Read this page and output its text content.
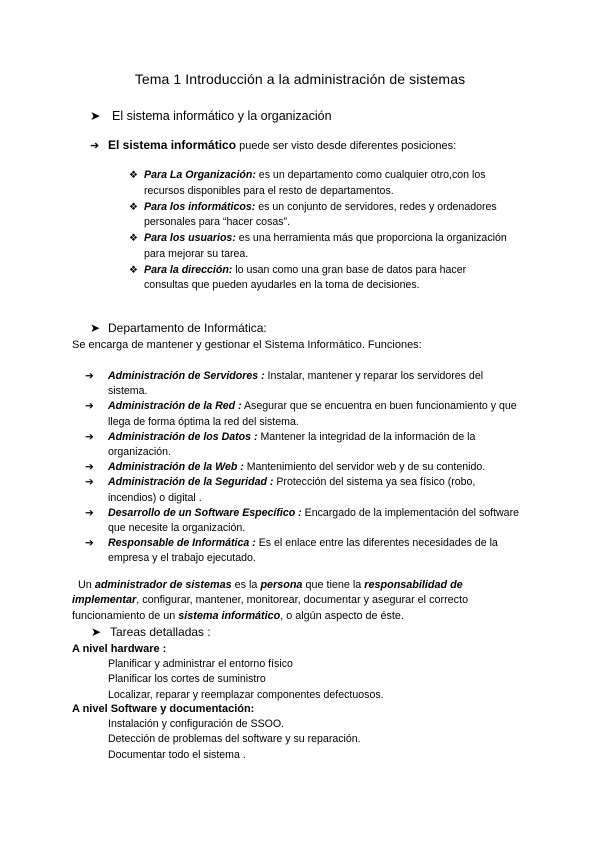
Tema 1 Introducción a la administración de sistemas
➤ El sistema informático y la organización
➔ El sistema informático puede ser visto desde diferentes posiciones:
❖ Para La Organización: es un departamento como cualquier otro,con los recursos disponibles para el resto de departamentos.
❖ Para los informáticos: es un conjunto de servidores, redes y ordenadores personales para “hacer cosas”.
❖ Para los usuarios: es una herramienta más que proporciona la organización para mejorar su tarea.
❖ Para la dirección: lo usan como una gran base de datos para hacer consultas que pueden ayudarles en la toma de decisiones.
➤ Departamento de Informática:
Se encarga de mantener y gestionar el Sistema Informático. Funciones:
➔ Administración de Servidores : Instalar, mantener y reparar los servidores del sistema.
➔ Administración de la Red : Asegurar que se encuentra en buen funcionamiento y que llega de forma óptima la red del sistema.
➔ Administración de los Datos : Mantener la integridad de la información de la organización.
➔ Administración de la Web : Mantenimiento del servidor web y de su contenido.
➔ Administración de la Seguridad : Protección del sistema ya sea físico (robo, incendios) o digital .
➔ Desarrollo de un Software Específico : Encargado de la implementación del software que necesite la organización.
➔ Responsable de Informática : Es el enlace entre las diferentes necesidades de la empresa y el trabajo ejecutado.
Un administrador de sistemas es la persona que tiene la responsabilidad de implementar, configurar, mantener, monitorear, documentar y asegurar el correcto funcionamiento de un sistema informático, o algún aspecto de éste.
➤ Tareas detalladas :
A nivel hardware :
Planificar y administrar el entorno físico
Planificar los cortes de suministro
Localizar, reparar y reemplazar componentes defectuosos.
A nivel Software y documentación:
Instalación y configuración de SSOO.
Detección de problemas del software y su reparación.
Documentar todo el sistema .
